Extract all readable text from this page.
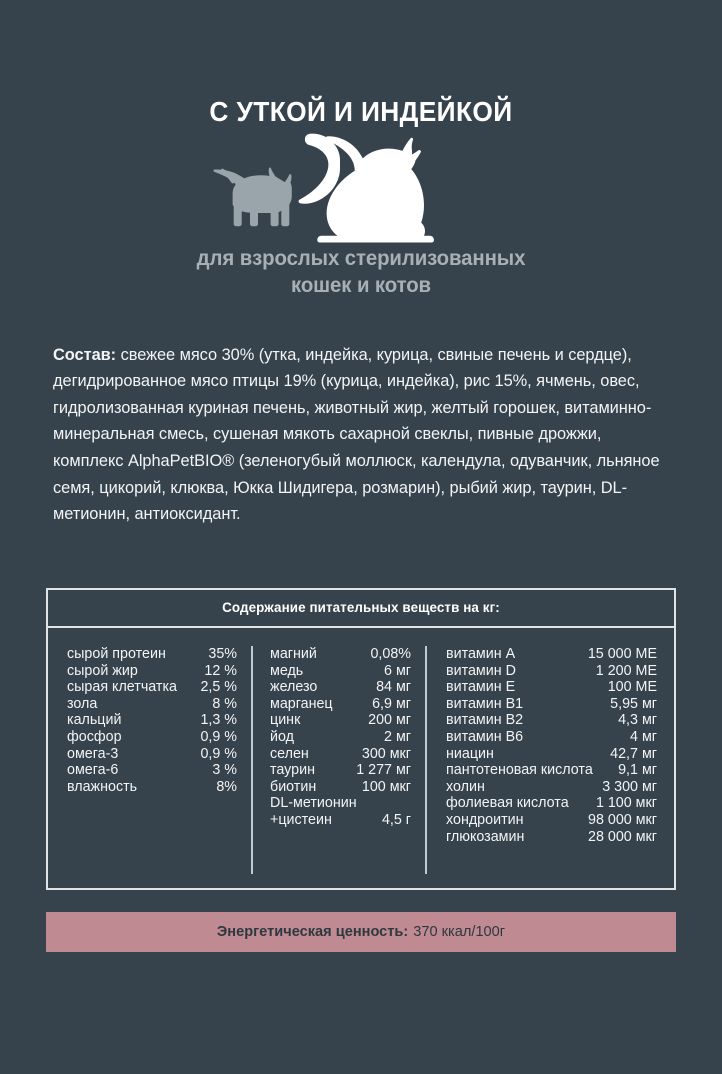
С УТКОЙ И ИНДЕЙКОЙ
для взрослых стерилизованных
кошек и котов
Состав: свежее мясо 30% (утка, индейка, курица, свиные печень и сердце), дегидрированное мясо птицы 19% (курица, индейка), рис 15%, ячмень, овес, гидролизованная куриная печень, животный жир, желтый горошек, витаминно-минеральная смесь, сушеная мякоть сахарной свеклы, пивные дрожжи, комплекс AlphaPetBIO® (зеленогубый моллюск, календула, одуванчик, льняное семя, цикорий, клюква, Юкка Шидигера, розмарин), рыбий жир, таурин, DL-метионин, антиоксидант.
Содержание питательных веществ на кг:
сырой протеин	35%
сырой жир	12 %
сырая клетчатка	2,5 %
зола	8 %
кальций	1,3 %
фосфор	0,9 %
омега-3	0,9 %
омега-6	3 %
влажность	8%
магний	0,08%
медь	6 мг
железо	84 мг
марганец	6,9 мг
цинк	200 мг
йод	2 мг
селен	300 мкг
таурин	1 277 мг
биотин	100 мкг
DL-метионин
+цистеин	4,5 г
витамин A	15 000 МЕ
витамин D	1 200 МЕ
витамин E	100 МЕ
витамин B1	5,95 мг
витамин B2	4,3 мг
витамин B6	4 мг
ниацин	42,7 мг
пантотеновая кислота	9,1 мг
холин	3 300 мг
фолиевая кислота	1 100 мкг
хондроитин	98 000 мкг
глюкозамин	28 000 мкг
Энергетическая ценность: 370 ккал/100г
